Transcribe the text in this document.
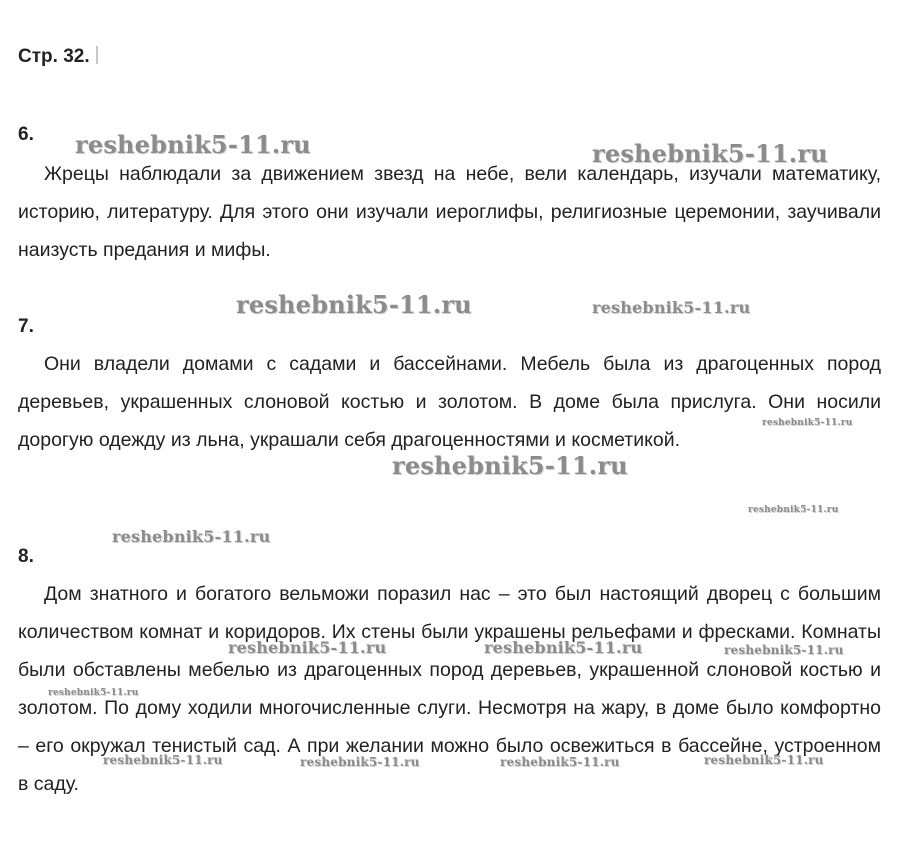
Стр. 32.
6.

Жрецы наблюдали за движением звезд на небе, вели календарь, изучали математику, историю, литературу. Для этого они изучали иероглифы, религиозные церемонии, заучивали наизусть предания и мифы.

7.

Они владели домами с садами и бассейнами. Мебель была из драгоценных пород деревьев, украшенных слоновой костью и золотом. В доме была прислуга. Они носили дорогую одежду из льна, украшали себя драгоценностями и косметикой.

8.

Дом знатного и богатого вельможи поразил нас – это был настоящий дворец с большим количеством комнат и коридоров. Их стены были украшены рельефами и фресками. Комнаты были обставлены мебелью из драгоценных пород деревьев, украшенной слоновой костью и золотом. По дому ходили многочисленные слуги. Несмотря на жару, в доме было комфортно – его окружал тенистый сад. А при желании можно было освежиться в бассейне, устроенном в саду.

reshebnik5-11.ru	reshebnik5-11.ru
reshebnik5-11.ru	reshebnik5-11.ru
reshebnik5-11.ru
reshebnik5-11.ru
reshebnik5-11.ru
reshebnik5-11.ru
reshebnik5-11.ru	reshebnik5-11.ru	reshebnik5-11.ru
reshebnik5-11.ru
reshebnik5-11.ru	reshebnik5-11.ru	reshebnik5-11.ru	reshebnik5-11.ru
